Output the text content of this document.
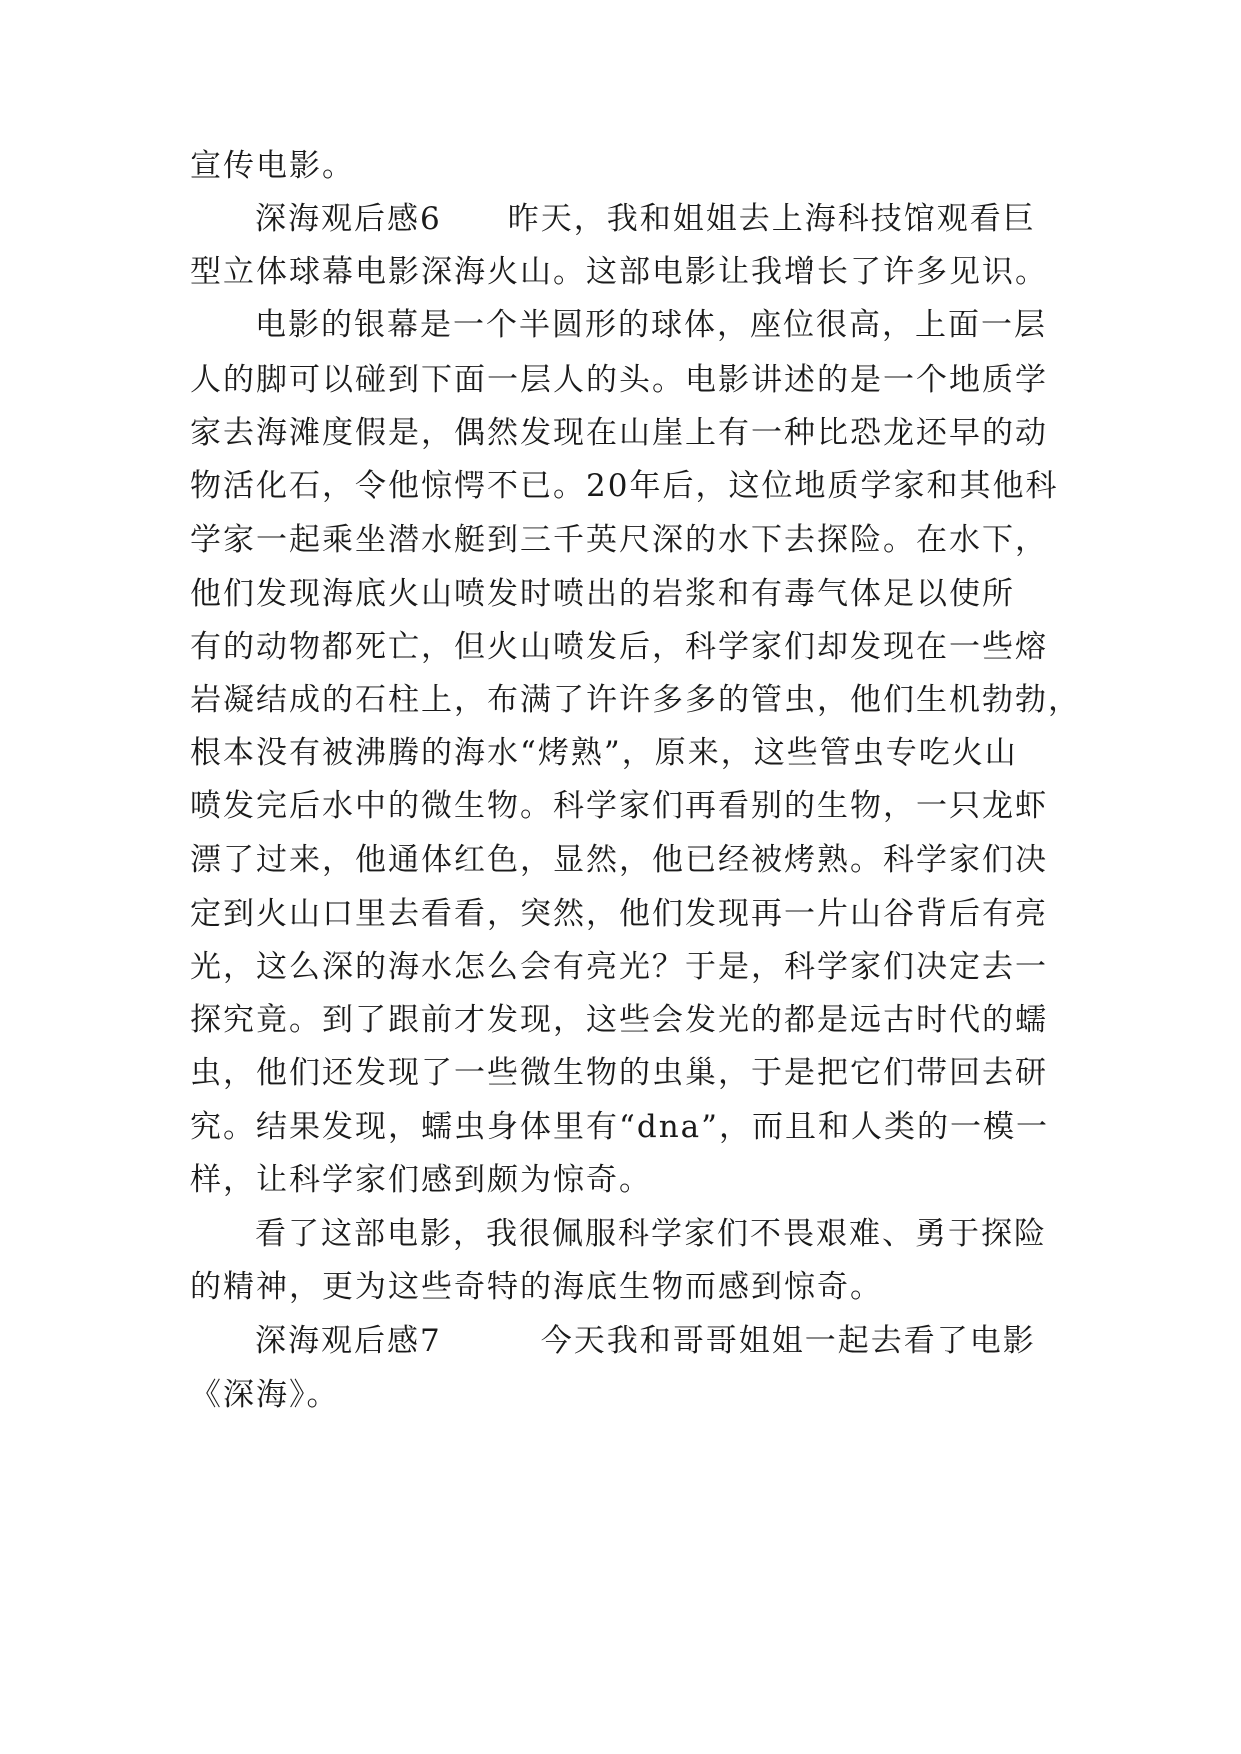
宣传电影。
深海观后感6　　昨天，我和姐姐去上海科技馆观看巨
型立体球幕电影深海火山。这部电影让我增长了许多见识。
电影的银幕是一个半圆形的球体，座位很高，上面一层
人的脚可以碰到下面一层人的头。电影讲述的是一个地质学
家去海滩度假是，偶然发现在山崖上有一种比恐龙还早的动
物活化石，令他惊愕不已。20年后，这位地质学家和其他科
学家一起乘坐潜水艇到三千英尺深的水下去探险。在水下，
他们发现海底火山喷发时喷出的岩浆和有毒气体足以使所
有的动物都死亡，但火山喷发后，科学家们却发现在一些熔
岩凝结成的石柱上，布满了许许多多的管虫，他们生机勃勃，
根本没有被沸腾的海水“烤熟”，原来，这些管虫专吃火山
喷发完后水中的微生物。科学家们再看别的生物，一只龙虾
漂了过来，他通体红色，显然，他已经被烤熟。科学家们决
定到火山口里去看看，突然，他们发现再一片山谷背后有亮
光，这么深的海水怎么会有亮光？于是，科学家们决定去一
探究竟。到了跟前才发现，这些会发光的都是远古时代的蠕
虫，他们还发现了一些微生物的虫巢，于是把它们带回去研
究。结果发现，蠕虫身体里有“dna”，而且和人类的一模一
样，让科学家们感到颇为惊奇。
看了这部电影，我很佩服科学家们不畏艰难、勇于探险
的精神，更为这些奇特的海底生物而感到惊奇。
深海观后感7　　　今天我和哥哥姐姐一起去看了电影
《深海》。
